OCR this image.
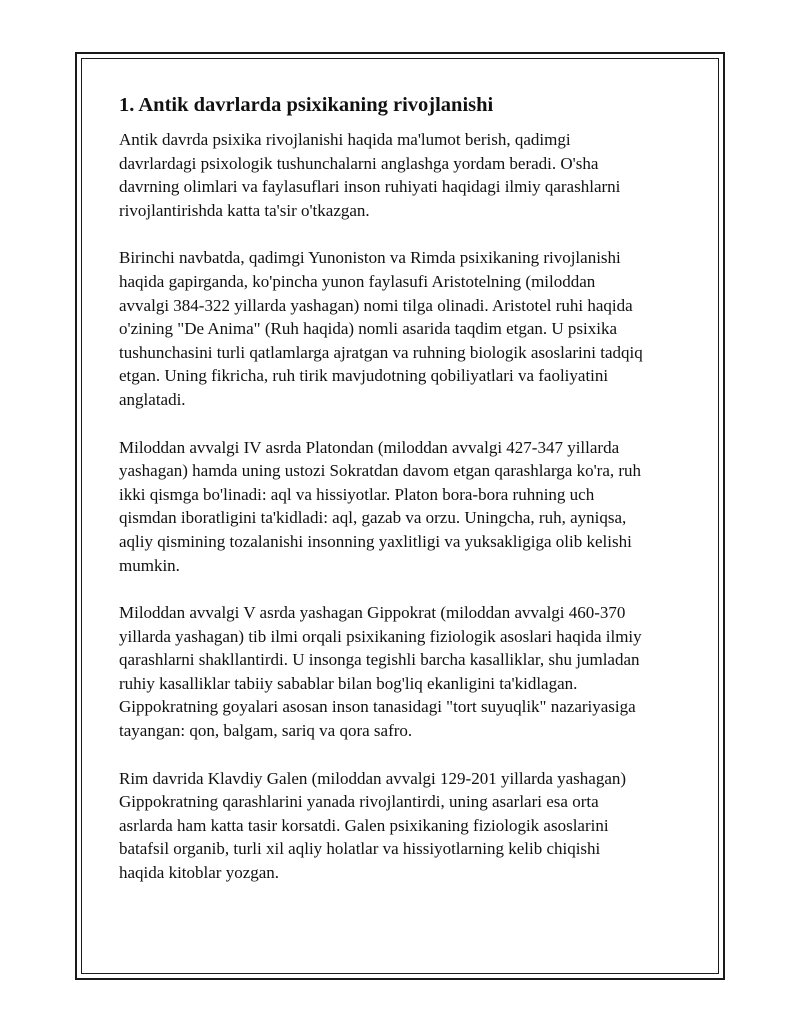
1. Antik davrlarda psixikaning rivojlanishi

Antik davrda psixika rivojlanishi haqida ma'lumot berish, qadimgi
davrlardagi psixologik tushunchalarni anglashga yordam beradi. O'sha
davrning olimlari va faylasuflari inson ruhiyati haqidagi ilmiy qarashlarni
rivojlantirishda katta ta'sir o'tkazgan.

Birinchi navbatda, qadimgi Yunoniston va Rimda psixikaning rivojlanishi
haqida gapirganda, ko'pincha yunon faylasufi Aristotelning (miloddan
avvalgi 384-322 yillarda yashagan) nomi tilga olinadi. Aristotel ruhi haqida
o'zining "De Anima" (Ruh haqida) nomli asarida taqdim etgan. U psixika
tushunchasini turli qatlamlarga ajratgan va ruhning biologik asoslarini tadqiq
etgan. Uning fikricha, ruh tirik mavjudotning qobiliyatlari va faoliyatini
anglatadi.

Miloddan avvalgi IV asrda Platondan (miloddan avvalgi 427-347 yillarda
yashagan) hamda uning ustozi Sokratdan davom etgan qarashlarga ko'ra, ruh
ikki qismga bo'linadi: aql va hissiyotlar. Platon bora-bora ruhning uch
qismdan iboratligini ta'kidladi: aql, gazab va orzu. Uningcha, ruh, ayniqsa,
aqliy qismining tozalanishi insonning yaxlitligi va yuksakligiga olib kelishi
mumkin.

Miloddan avvalgi V asrda yashagan Gippokrat (miloddan avvalgi 460-370
yillarda yashagan) tib ilmi orqali psixikaning fiziologik asoslari haqida ilmiy
qarashlarni shakllantirdi. U insonga tegishli barcha kasalliklar, shu jumladan
ruhiy kasalliklar tabiiy sabablar bilan bog'liq ekanligini ta'kidlagan.
Gippokratning goyalari asosan inson tanasidagi "tort suyuqlik" nazariyasiga
tayangan: qon, balgam, sariq va qora safro.

Rim davrida Klavdiy Galen (miloddan avvalgi 129-201 yillarda yashagan)
Gippokratning qarashlarini yanada rivojlantirdi, uning asarlari esa orta
asrlarda ham katta tasir korsatdi. Galen psixikaning fiziologik asoslarini
batafsil organib, turli xil aqliy holatlar va hissiyotlarning kelib chiqishi
haqida kitoblar yozgan.
